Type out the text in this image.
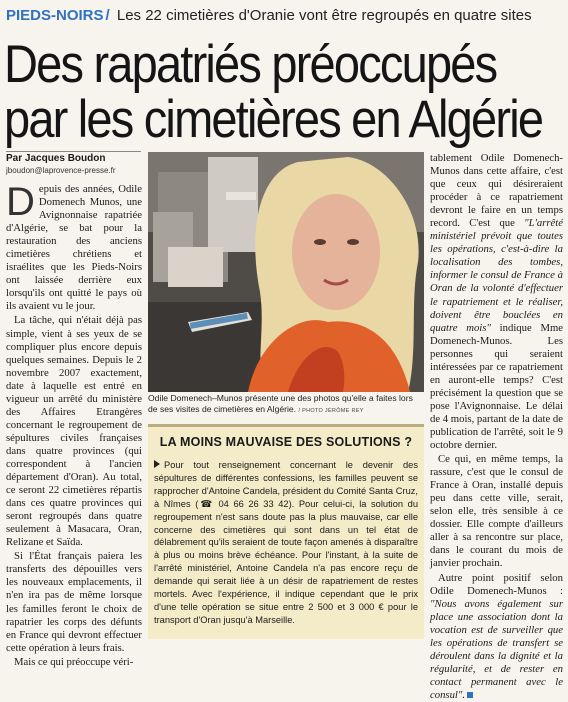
PIEDS-NOIRS / Les 22 cimetières d'Oranie vont être regroupés en quatre sites
Des rapatriés préoccupés par les cimetières en Algérie
Par Jacques Boudon
jboudon@laprovence-presse.fr

Depuis des années, Odile Domenech Munos, une Avignonnaise rapatriée d'Algérie, se bat pour la restauration des anciens cimetières chrétiens et israélites que les Pieds-Noirs ont laissée derrière eux lorsqu'ils ont quitté le pays où ils avaient vu le jour.

La tâche, qui n'était déjà pas simple, vient à ses yeux de se compliquer plus encore depuis quelques semaines. Depuis le 2 novembre 2007 exactement, date à laquelle est entré en vigueur un arrêté du ministère des Affaires Etrangères concernant le regroupement de sépultures civiles françaises dans quatre provinces (qui correspondent à l'ancien département d'Oran). Au total, ce seront 22 cimetières répartis dans ces quatre provinces qui seront regroupés dans quatre seulement à Masacara, Oran, Relizane et Saïda.

Si l'État français paiera les transferts des dépouilles vers les nouveaux emplacements, il n'en ira pas de même lorsque les familles feront le choix de rapatrier les corps des défunts en France qui devront effectuer cette opération à leurs frais.

Mais ce qui préoccupe véri-

Odile Domenech–Munos présente une des photos qu'elle a faites lors de ses visites de cimetières en Algérie. / PHOTO JÉRÔME REY
LA MOINS MAUVAISE DES SOLUTIONS ?

Pour tout renseignement concernant le devenir des sépultures de différentes confessions, les familles peuvent se rapprocher d'Antoine Candela, président du Comité Santa Cruz, à Nîmes (☎ 04 66 26 33 42). Pour celui-ci, la solution du regroupement n'est sans doute pas la plus mauvaise, car elle concerne des cimetières qui sont dans un tel état de délabrement qu'ils seraient de toute façon amenés à disparaître à plus ou moins brève échéance. Pour l'instant, à la suite de l'arrêté ministériel, Antoine Candela n'a pas encore reçu de demande qui serait liée à un désir de rapatriement de restes mortels. Avec l'expérience, il indique cependant que le prix d'une telle opération se situe entre 2 500 et 3 000 € pour le transport d'Oran jusqu'à Marseille.

tablement Odile Domenech-Munos dans cette affaire, c'est que ceux qui désireraient procéder à ce rapatriement devront le faire en un temps record. C'est que "L'arrêté ministériel prévoit que toutes les opérations, c'est-à-dire la localisation des tombes, informer le consul de France à Oran de la volonté d'effectuer le rapatriement et le réaliser, doivent être bouclées en quatre mois" indique Mme Domenech-Munos. Les personnes qui seraient intéressées par ce rapatriement en auront-elle temps? C'est précisément la question que se pose l'Avignonnaise. Le délai de 4 mois, partant de la date de publication de l'arrêté, soit le 9 octobre dernier.

Ce qui, en même temps, la rassure, c'est que le consul de France à Oran, installé depuis peu dans cette ville, serait, selon elle, très sensible à ce dossier. Elle compte d'ailleurs aller à sa rencontre sur place, dans le courant du mois de janvier prochain.

Autre point positif selon Odile Domenech-Munos : "Nous avons également sur place une association dont la vocation est de surveiller que les opérations de transfert se déroulent dans la dignité et la régularité, et de rester en contact permanent avec le consul".
